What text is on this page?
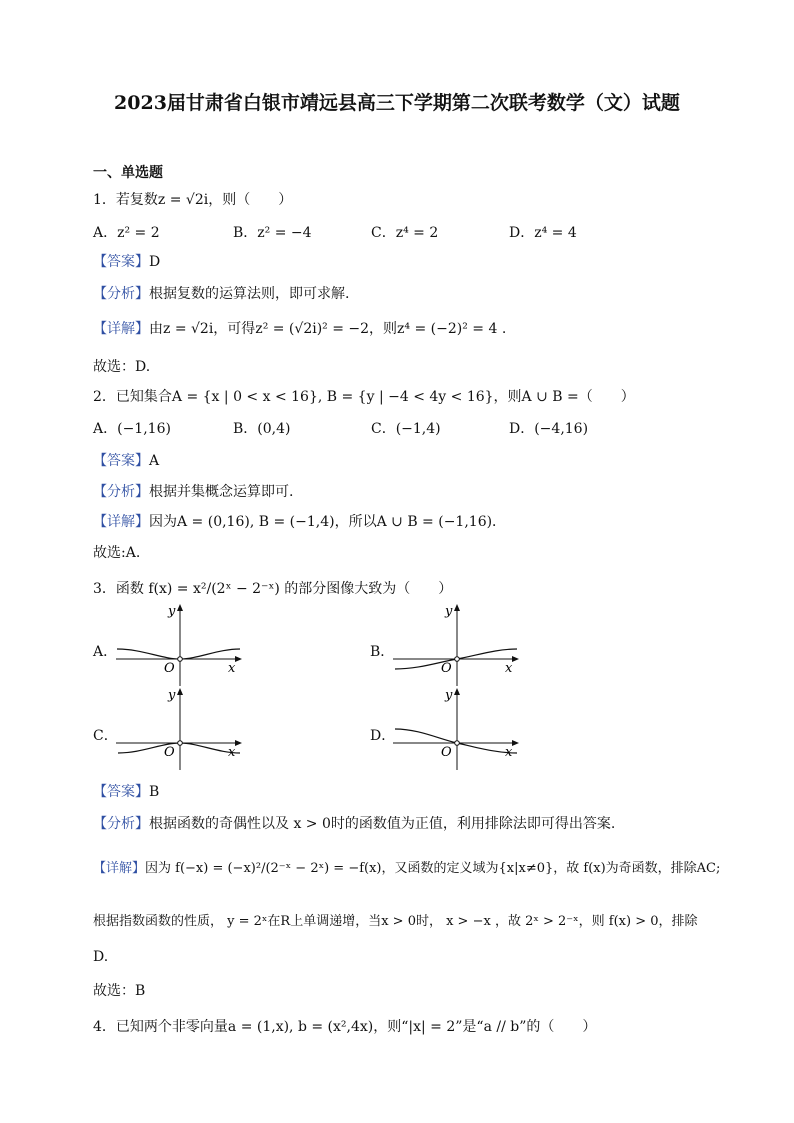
2023届甘肃省白银市靖远县高三下学期第二次联考数学（文）试题
一、单选题
1．若复数z = √2i，则（　　）
A．z² = 2	B．z² = −4	C．z⁴ = 2	D．z⁴ = 4
【答案】D
【分析】根据复数的运算法则，即可求解.
【详解】由z = √2i，可得z² = (√2i)² = −2，则z⁴ = (−2)² = 4 .
故选：D.
2．已知集合A = {x | 0 < x < 16}, B = {y | −4 < 4y < 16}，则A ∪ B =（　　）
A．(−1,16)	B．(0,4)	C．(−1,4)	D．(−4,16)
【答案】A
【分析】根据并集概念运算即可.
【详解】因为A = (0,16), B = (−1,4)，所以A ∪ B = (−1,16)．
故选:A.
3．函数 f(x) = x²/(2ˣ − 2⁻ˣ) 的部分图像大致为（　　）
A．
O
y
x
B．
O
y
x
C．
O
y
x
D．
O
y
x
【答案】B
【分析】根据函数的奇偶性以及 x > 0时的函数值为正值，利用排除法即可得出答案.
【详解】因为 f(−x) = (−x)²/(2⁻ˣ − 2ˣ) = −f(x)，又函数的定义域为{x|x≠0}，故 f(x)为奇函数，排除AC;
根据指数函数的性质， y = 2ˣ在R上单调递增，当x > 0时， x > −x ，故 2ˣ > 2⁻ˣ，则 f(x) > 0，排除
D.
故选：B
4．已知两个非零向量a = (1,x), b = (x²,4x)，则“|x| = 2”是“a // b”的（　　）
